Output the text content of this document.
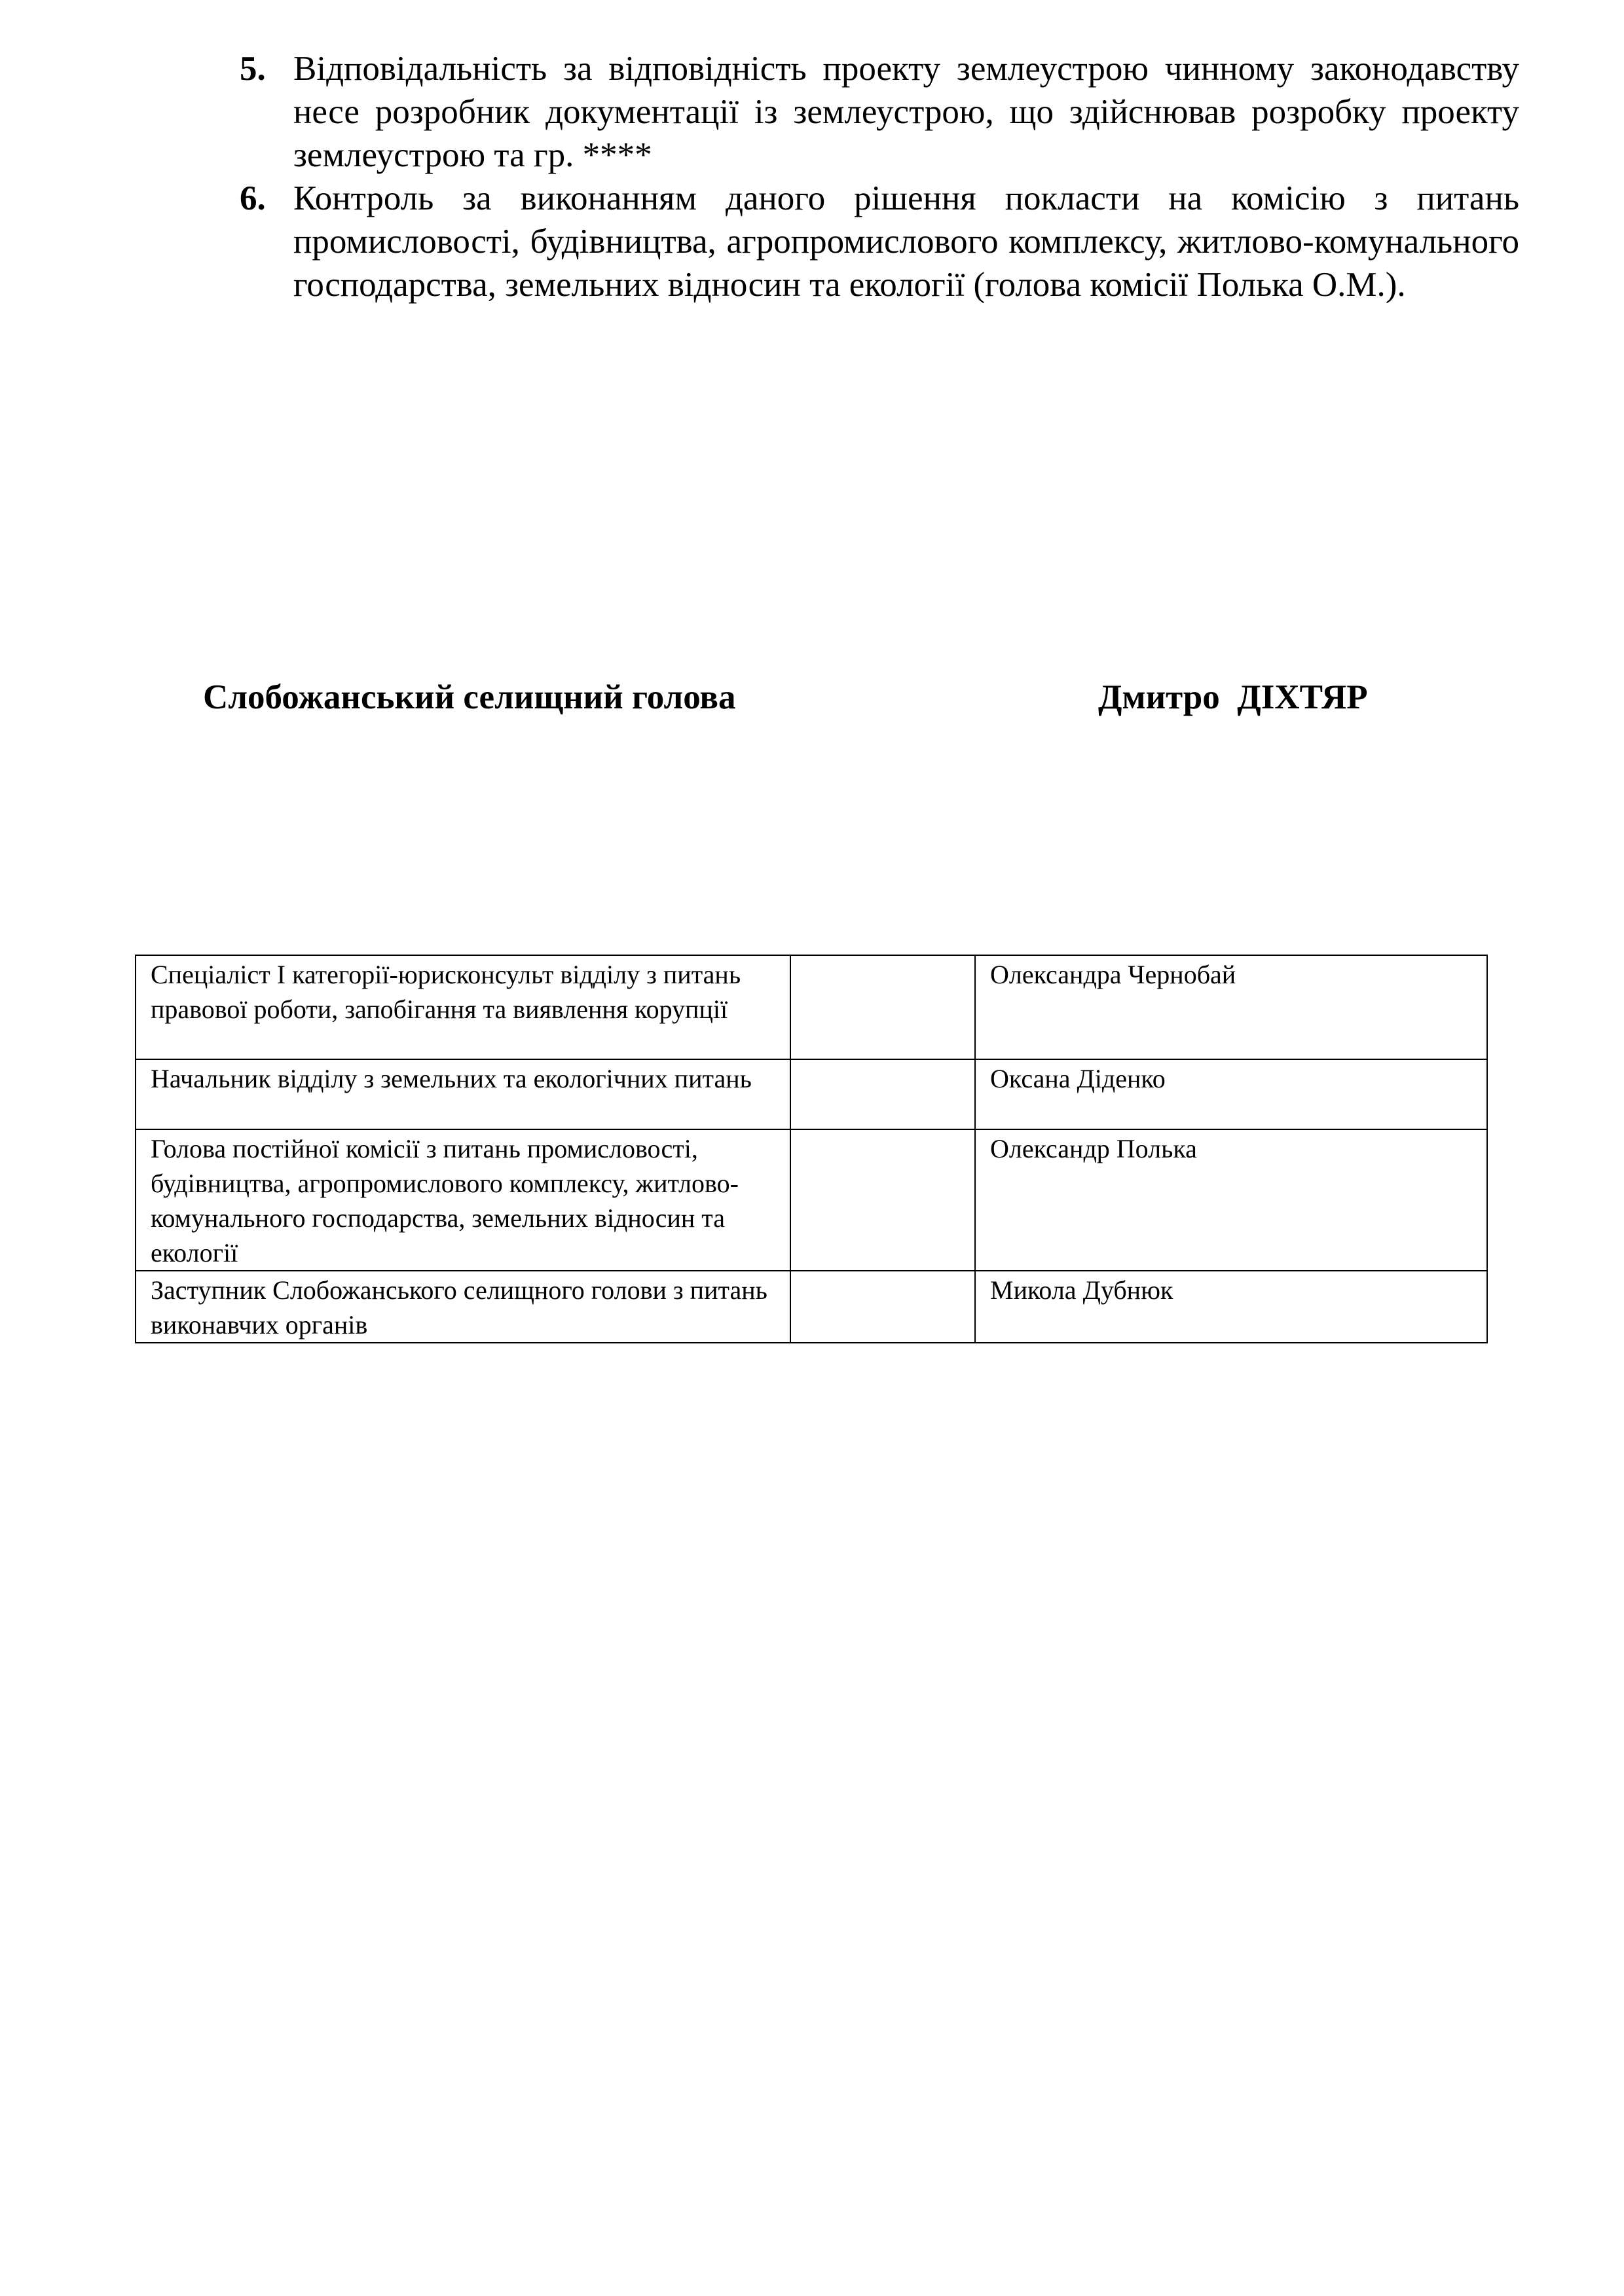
5. Відповідальність за відповідність проекту землеустрою чинному законодавству несе розробник документації із землеустрою, що здійснював розробку проекту землеустрою та гр. ****
6. Контроль за виконанням даного рішення покласти на комісію з питань промисловості, будівництва, агропромислового комплексу, житлово-комунального господарства, земельних відносин та екології (голова комісії Полька О.М.).
Слобожанський селищний голова	Дмитро  ДІХТЯР
Спеціаліст І категорії-юрисконсульт відділу з питань правової роботи, запобігання та виявлення корупції		Олександра Чернобай
Начальник відділу з земельних та екологічних питань		Оксана Діденко
Голова постійної комісії з питань промисловості, будівництва, агропромислового комплексу, житлово-комунального господарства, земельних відносин та екології		Олександр Полька
Заступник Слобожанського селищного голови з питань виконавчих органів		Микола Дубнюк
